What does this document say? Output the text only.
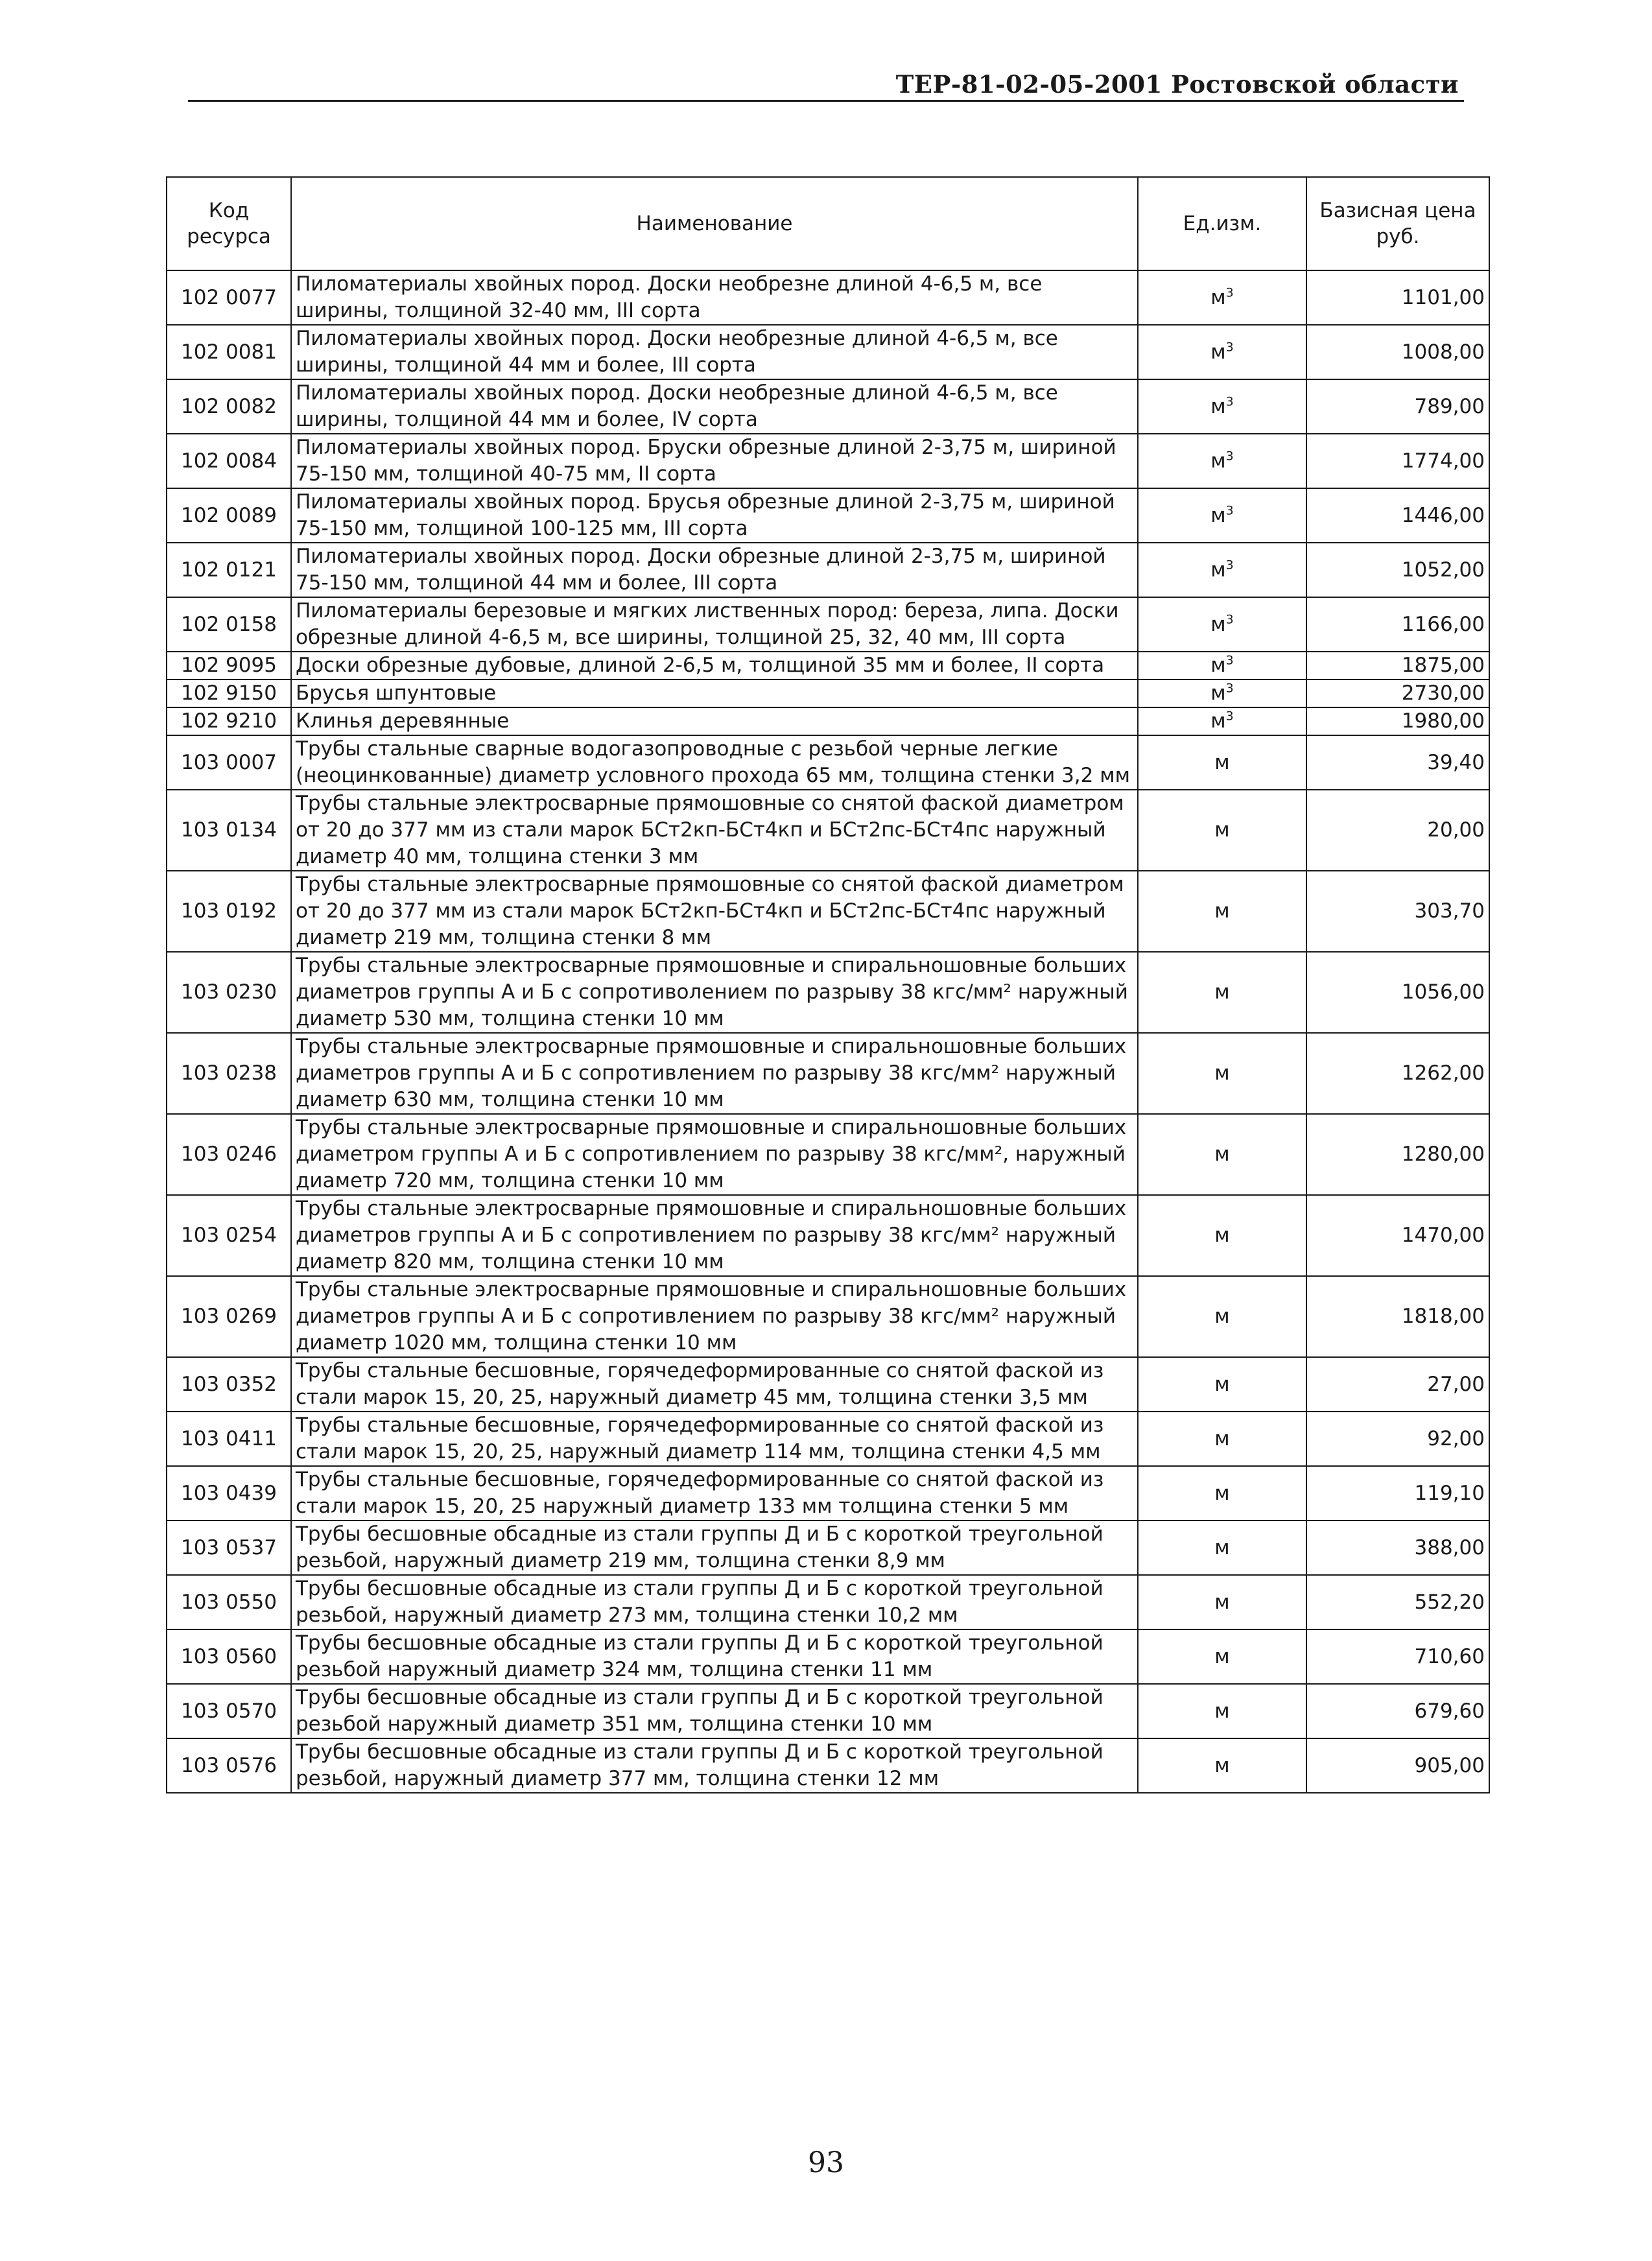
ТЕР-81-02-05-2001 Ростовской области
Код ресурса	Наименование	Ед.изм.	Базисная цена руб.
102 0077	Пиломатериалы хвойных пород. Доски необрезне длиной 4-6,5 м, все ширины, толщиной 32-40 мм, III сорта	$м^3$	1101,00
102 0081	Пиломатериалы хвойных пород. Доски необрезные длиной 4-6,5 м, все ширины, толщиной 44 мм и более, III сорта	$м^3$	1008,00
102 0082	Пиломатериалы хвойных пород. Доски необрезные длиной 4-6,5 м, все ширины, толщиной 44 мм и более, IV сорта	$м^3$	789,00
102 0084	Пиломатериалы хвойных пород. Бруски обрезные длиной 2-3,75 м, шириной 75-150 мм, толщиной 40-75 мм, II сорта	$м^3$	1774,00
102 0089	Пиломатериалы хвойных пород. Брусья обрезные длиной 2-3,75 м, шириной 75-150 мм, толщиной 100-125 мм, III сорта	$м^3$	1446,00
102 0121	Пиломатериалы хвойных пород. Доски обрезные длиной 2-3,75 м, шириной 75-150 мм, толщиной 44 мм и более, III сорта	$м^3$	1052,00
102 0158	Пиломатериалы березовые и мягких лиственных пород: береза, липа. Доски обрезные длиной 4-6,5 м, все ширины, толщиной 25, 32, 40 мм, III сорта	$м^3$	1166,00
102 9095	Доски обрезные дубовые, длиной 2-6,5 м, толщиной 35 мм и более, II сорта	$м^3$	1875,00
102 9150	Брусья шпунтовые	$м^3$	2730,00
102 9210	Клинья деревянные	$м^3$	1980,00
103 0007	Трубы стальные сварные водогазопроводные с резьбой черные легкие (неоцинкованные) диаметр условного прохода 65 мм, толщина стенки 3,2 мм	м	39,40
103 0134	Трубы стальные электросварные прямошовные со снятой фаской диаметром от 20 до 377 мм из стали марок БСт2кп-БСт4кп и БСт2пс-БСт4пс наружный диаметр 40 мм, толщина стенки 3 мм	м	20,00
103 0192	Трубы стальные электросварные прямошовные со снятой фаской диаметром от 20 до 377 мм из стали марок БСт2кп-БСт4кп и БСт2пс-БСт4пс наружный диаметр 219 мм, толщина стенки 8 мм	м	303,70
103 0230	Трубы стальные электросварные прямошовные и спиральношовные больших диаметров группы А и Б с сопротиволением по разрыву 38 кгс/мм² наружный диаметр 530 мм, толщина стенки 10 мм	м	1056,00
103 0238	Трубы стальные электросварные прямошовные и спиральношовные больших диаметров группы А и Б с сопротивлением по разрыву 38 кгс/мм² наружный диаметр 630 мм, толщина стенки 10 мм	м	1262,00
103 0246	Трубы стальные электросварные прямошовные и спиральношовные больших диаметром группы А и Б с сопротивлением по разрыву 38 кгс/мм², наружный диаметр 720 мм, толщина стенки 10 мм	м	1280,00
103 0254	Трубы стальные электросварные прямошовные и спиральношовные больших диаметров группы А и Б с сопротивлением по разрыву 38 кгс/мм² наружный диаметр 820 мм, толщина стенки 10 мм	м	1470,00
103 0269	Трубы стальные электросварные прямошовные и спиральношовные больших диаметров группы А и Б с сопротивлением по разрыву 38 кгс/мм² наружный диаметр 1020 мм, толщина стенки 10 мм	м	1818,00
103 0352	Трубы стальные бесшовные, горячедеформированные со снятой фаской из стали марок 15, 20, 25, наружный диаметр 45 мм, толщина стенки 3,5 мм	м	27,00
103 0411	Трубы стальные бесшовные, горячедеформированные со снятой фаской из стали марок 15, 20, 25, наружный диаметр 114 мм, толщина стенки 4,5 мм	м	92,00
103 0439	Трубы стальные бесшовные, горячедеформированные со снятой фаской из стали марок 15, 20, 25 наружный диаметр 133 мм толщина стенки 5 мм	м	119,10
103 0537	Трубы бесшовные обсадные из стали группы Д и Б с короткой треугольной резьбой, наружный диаметр 219 мм, толщина стенки 8,9 мм	м	388,00
103 0550	Трубы бесшовные обсадные из стали группы Д и Б с короткой треугольной резьбой, наружный диаметр 273 мм, толщина стенки 10,2 мм	м	552,20
103 0560	Трубы бесшовные обсадные из стали группы Д и Б с короткой треугольной резьбой наружный диаметр 324 мм, толщина стенки 11 мм	м	710,60
103 0570	Трубы бесшовные обсадные из стали группы Д и Б с короткой треугольной резьбой наружный диаметр 351 мм, толщина стенки 10 мм	м	679,60
103 0576	Трубы бесшовные обсадные из стали группы Д и Б с короткой треугольной резьбой, наружный диаметр 377 мм, толщина стенки 12 мм	м	905,00
93
